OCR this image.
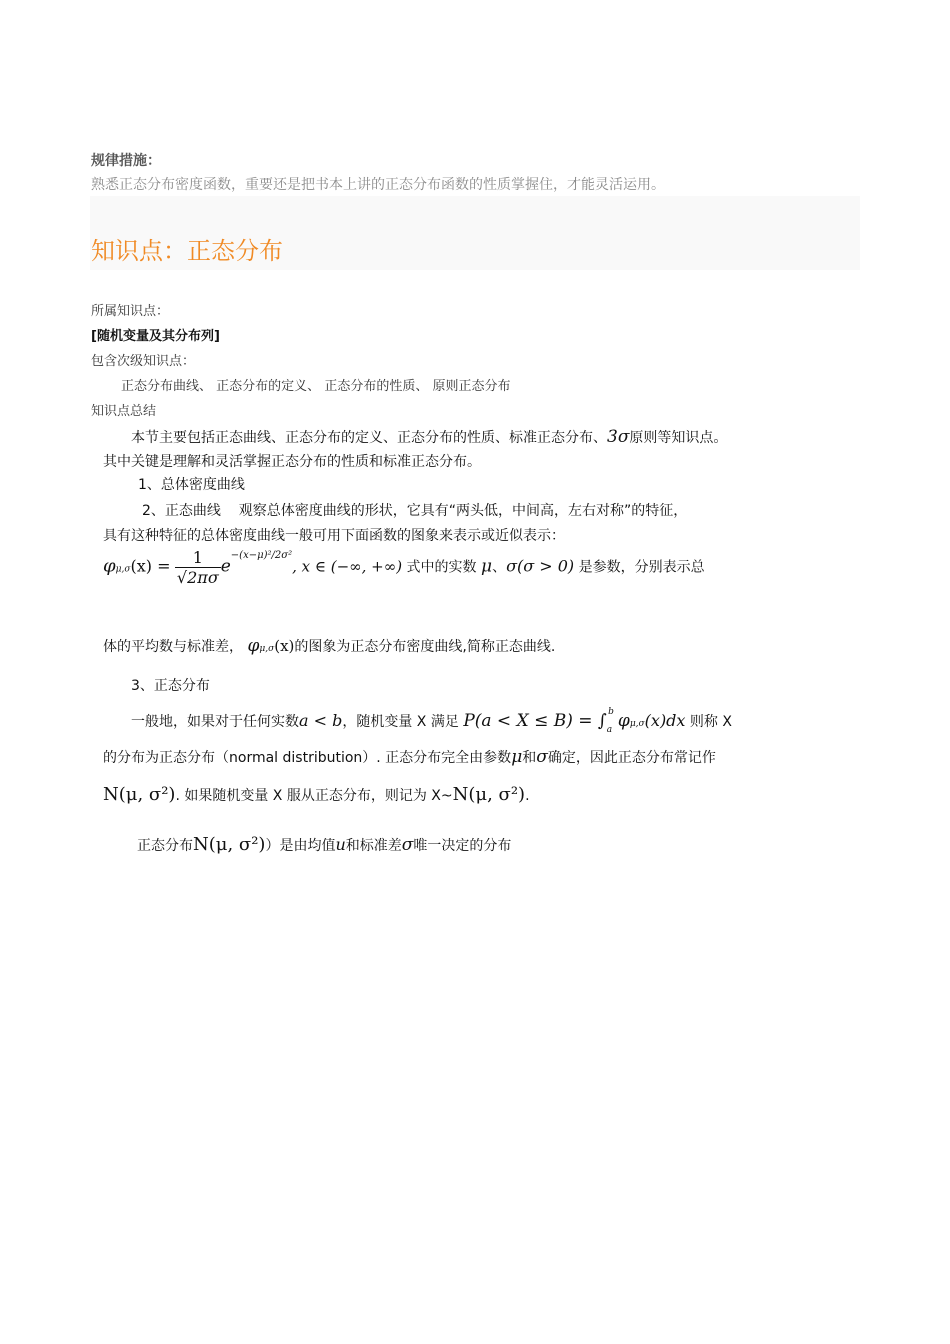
规律措施：
熟悉正态分布密度函数，重要还是把书本上讲的正态分布函数的性质掌握住，才能灵活运用。
知识点：正态分布
所属知识点：
[随机变量及其分布列]
包含次级知识点：
正态分布曲线、 正态分布的定义、 正态分布的性质、 原则正态分布
知识点总结
本节主要包括正态曲线、正态分布的定义、正态分布的性质、标准正态分布、3σ原则等知识点。
其中关键是理解和灵活掌握正态分布的性质和标准正态分布。
1、总体密度曲线
2、正态曲线 观察总体密度曲线的形状，它具有“两头低，中间高，左右对称”的特征，
具有这种特征的总体密度曲线一般可用下面函数的图象来表示或近似表示：
$\varphi\mu,\sigma(x) = \frac{1}{√2\pi\sigma} e^{-(x-\mu)^2/2\sigma^2}$, x ∈ (−∞, +∞) 式中的实数 μ、σ(σ > 0) 是参数，分别表示总
体的平均数与标准差， φμ,σ(x)的图象为正态分布密度曲线,简称正态曲线.
3、正态分布
一般地，如果对于任何实数a < b，随机变量 X 满足 $P(a < X \le B) = \int_a^b$ φμ,σ(x)dx 则称 X
的分布为正态分布（normal distribution）. 正态分布完全由参数μ和σ确定，因此正态分布常记作
N(μ, σ²). 如果随机变量 X 服从正态分布，则记为 X~N(μ, σ²).
正态分布N(μ, σ²)）是由均值u和标准差σ唯一决定的分布
